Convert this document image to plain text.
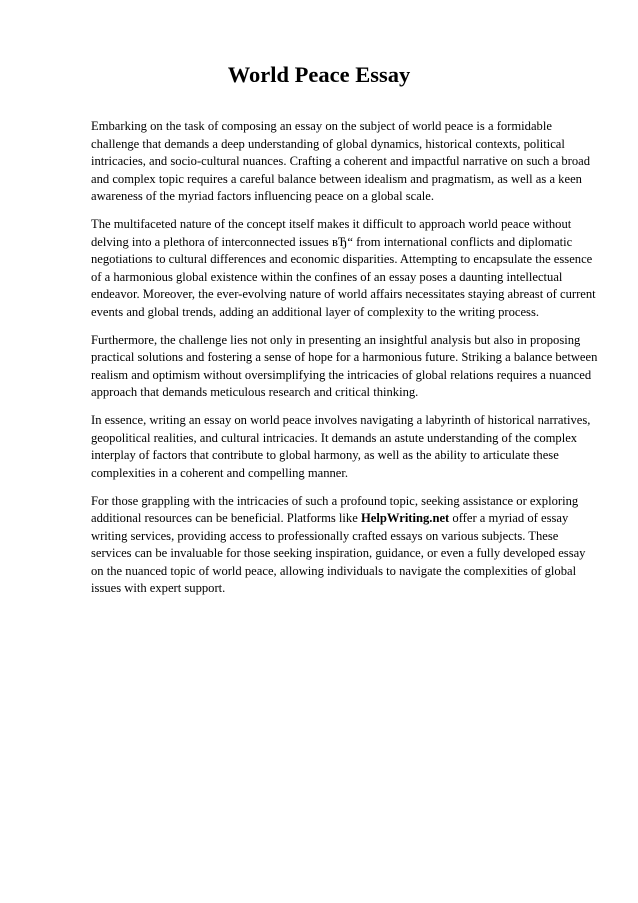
World Peace Essay

Embarking on the task of composing an essay on the subject of world peace is a formidable challenge that demands a deep understanding of global dynamics, historical contexts, political intricacies, and socio-cultural nuances. Crafting a coherent and impactful narrative on such a broad and complex topic requires a careful balance between idealism and pragmatism, as well as a keen awareness of the myriad factors influencing peace on a global scale.

The multifaceted nature of the concept itself makes it difficult to approach world peace without delving into a plethora of interconnected issues вЂ“ from international conflicts and diplomatic negotiations to cultural differences and economic disparities. Attempting to encapsulate the essence of a harmonious global existence within the confines of an essay poses a daunting intellectual endeavor. Moreover, the ever-evolving nature of world affairs necessitates staying abreast of current events and global trends, adding an additional layer of complexity to the writing process.

Furthermore, the challenge lies not only in presenting an insightful analysis but also in proposing practical solutions and fostering a sense of hope for a harmonious future. Striking a balance between realism and optimism without oversimplifying the intricacies of global relations requires a nuanced approach that demands meticulous research and critical thinking.

In essence, writing an essay on world peace involves navigating a labyrinth of historical narratives, geopolitical realities, and cultural intricacies. It demands an astute understanding of the complex interplay of factors that contribute to global harmony, as well as the ability to articulate these complexities in a coherent and compelling manner.

For those grappling with the intricacies of such a profound topic, seeking assistance or exploring additional resources can be beneficial. Platforms like HelpWriting.net offer a myriad of essay writing services, providing access to professionally crafted essays on various subjects. These services can be invaluable for those seeking inspiration, guidance, or even a fully developed essay on the nuanced topic of world peace, allowing individuals to navigate the complexities of global issues with expert support.
